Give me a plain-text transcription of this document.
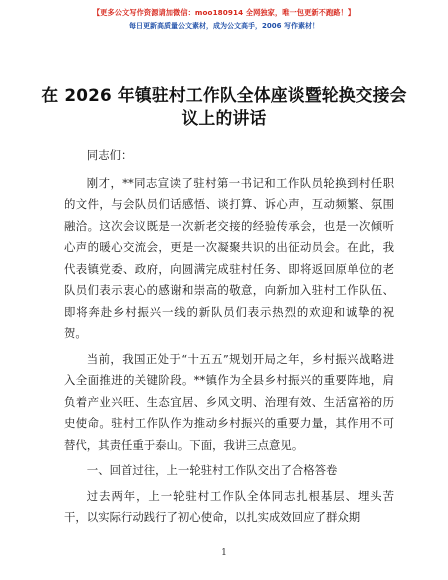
【更多公文写作资源请加微信：moo180914 全网独家，唯一包更新不跑路！】
每日更新高质量公文素材，成为公文高手，2006 写作素材！
在 2026 年镇驻村工作队全体座谈暨轮换交接会议上的讲话

同志们：

刚才，**同志宣读了驻村第一书记和工作队员轮换到村任职的文件，与会队员们话感悟、谈打算、诉心声，互动频繁、氛围融洽。这次会议既是一次新老交接的经验传承会，也是一次倾听心声的暖心交流会，更是一次凝聚共识的出征动员会。在此，我代表镇党委、政府，向圆满完成驻村任务、即将返回原单位的老队员们表示衷心的感谢和崇高的敬意，向新加入驻村工作队伍、即将奔赴乡村振兴一线的新队员们表示热烈的欢迎和诚挚的祝贺。

当前，我国正处于“十五五”规划开局之年，乡村振兴战略进入全面推进的关键阶段。**镇作为全县乡村振兴的重要阵地，肩负着产业兴旺、生态宜居、乡风文明、治理有效、生活富裕的历史使命。驻村工作队作为推动乡村振兴的重要力量，其作用不可替代，其责任重于泰山。下面，我讲三点意见。

一、回首过往，上一轮驻村工作队交出了合格答卷

过去两年，上一轮驻村工作队全体同志扎根基层、埋头苦干，以实际行动践行了初心使命，以扎实成效回应了群众期

1
